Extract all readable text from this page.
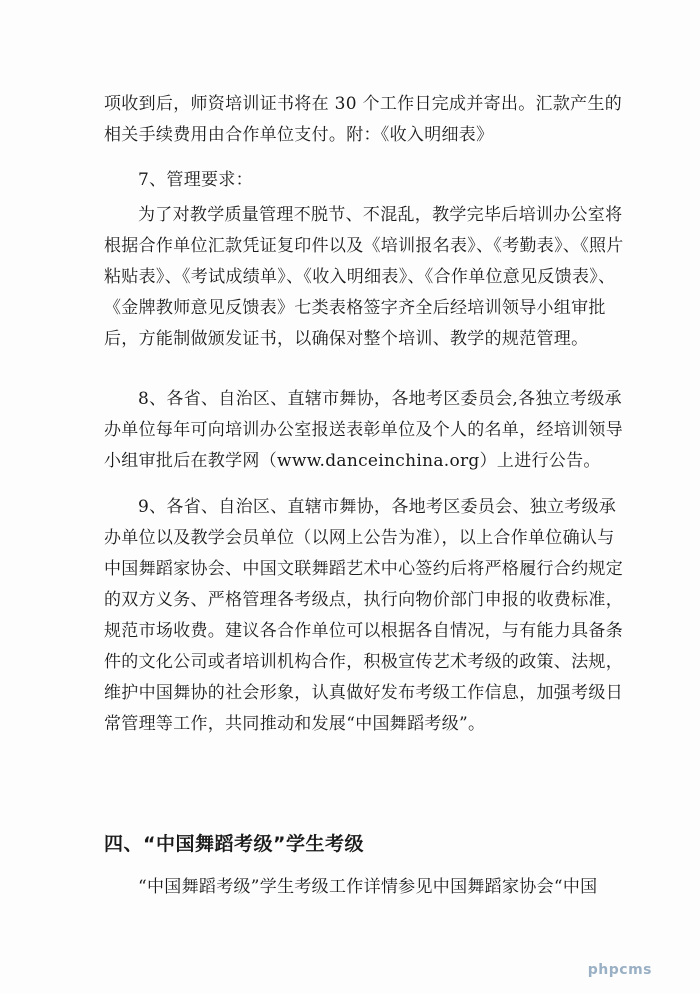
项收到后，师资培训证书将在 30 个工作日完成并寄出。汇款产生的
相关手续费用由合作单位支付。附：《收入明细表》
7、管理要求：
为了对教学质量管理不脱节、不混乱，教学完毕后培训办公室将
根据合作单位汇款凭证复印件以及《培训报名表》、《考勤表》、《照片
粘贴表》、《考试成绩单》、《收入明细表》、《合作单位意见反馈表》、
《金牌教师意见反馈表》七类表格签字齐全后经培训领导小组审批
后，方能制做颁发证书，以确保对整个培训、教学的规范管理。
8、各省、自治区、直辖市舞协，各地考区委员会,各独立考级承
办单位每年可向培训办公室报送表彰单位及个人的名单，经培训领导
小组审批后在教学网（www.danceinchina.org）上进行公告。
9、各省、自治区、直辖市舞协，各地考区委员会、独立考级承
办单位以及教学会员单位（以网上公告为准），以上合作单位确认与
中国舞蹈家协会、中国文联舞蹈艺术中心签约后将严格履行合约规定
的双方义务、严格管理各考级点，执行向物价部门申报的收费标准，
规范市场收费。建议各合作单位可以根据各自情况，与有能力具备条
件的文化公司或者培训机构合作，积极宣传艺术考级的政策、法规，
维护中国舞协的社会形象，认真做好发布考级工作信息，加强考级日
常管理等工作，共同推动和发展“中国舞蹈考级”。
四、“中国舞蹈考级”学生考级
“中国舞蹈考级”学生考级工作详情参见中国舞蹈家协会“中国
phpcms
